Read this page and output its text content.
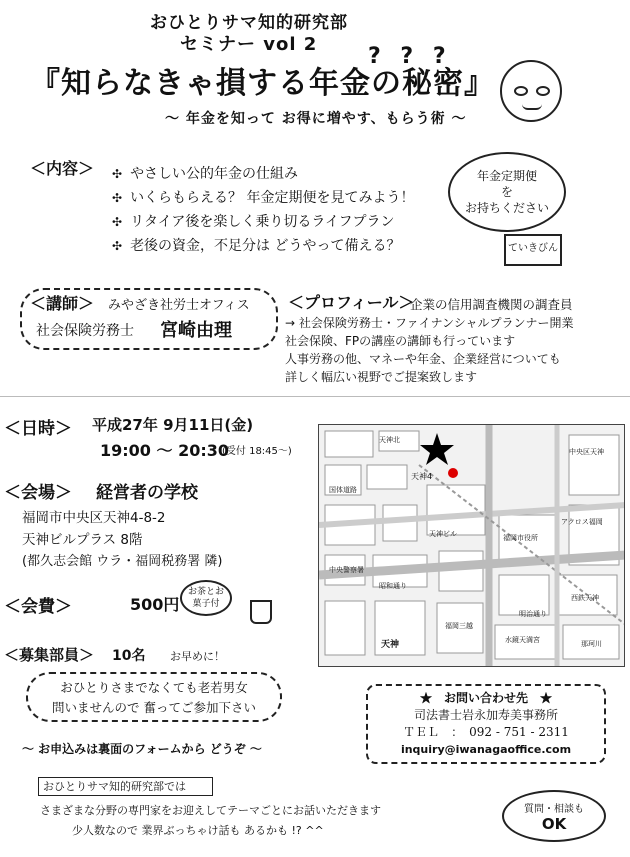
おひとりサマ知的研究部
セミナー vol 2
『知らなきゃ損する年金の秘密』
? ? ?
〜 年金を知って お得に増やす、もらう術 〜
＜内容＞ ✣ やさしい公的年金の仕組み
✣ いくらもらえる？ 年金定期便を見てみよう！
✣ リタイア後を楽しく乗り切るライフプラン
✣ 老後の資金，不足分は どうやって備える？
年金定期便
を
お持ちください
ていきびん
＜講師＞ みやざき社労士オフィス
社会保険労務士 宮崎由理
＜プロフィール＞
企業の信用調査機関の調査員
→ 社会保険労務士・ファイナンシャルプランナー開業
社会保険、FPの講座の講師も行っています
人事労務の他、マネーや年金、企業経営についても
詳しく幅広い視野でご提案致します
＜日時＞ 平成27年 9月11日(金)
19:00 〜 20:30
(受付 18:45〜)
＜会場＞ 経営者の学校
福岡市中央区天神4-8-2
天神ビルプラス 8階
(都久志会館 ウラ・福岡税務署 隣)
＜会費＞	500円
お茶とお菓子付
＜募集部員＞ 10名 お早めに！
おひとりさまでなくても老若男女
問いませんので 奮ってご参加下さい
〜 お申込みは裏面のフォームから どうぞ 〜
★　お問い合わせ先　★
司法書士岩永加寿美事務所
ＴＥＬ　：　092 - 751 - 2311
inquiry@iwanagaoffice.com
おひとりサマ知的研究部では
さまざまな分野の専門家をお迎えしてテーマごとにお話いただきます
少人数なので 業界ぶっちゃけ話も あるかも !? ^^
質問・相談も
OK
天神4
国体道路
天神ビル
中央区天神
福岡市役所
アクロス福岡
天神
昭和通り
明治通り
西鉄天神
中央警察署
福岡三越
水鏡天満宮
天神北
那珂川
